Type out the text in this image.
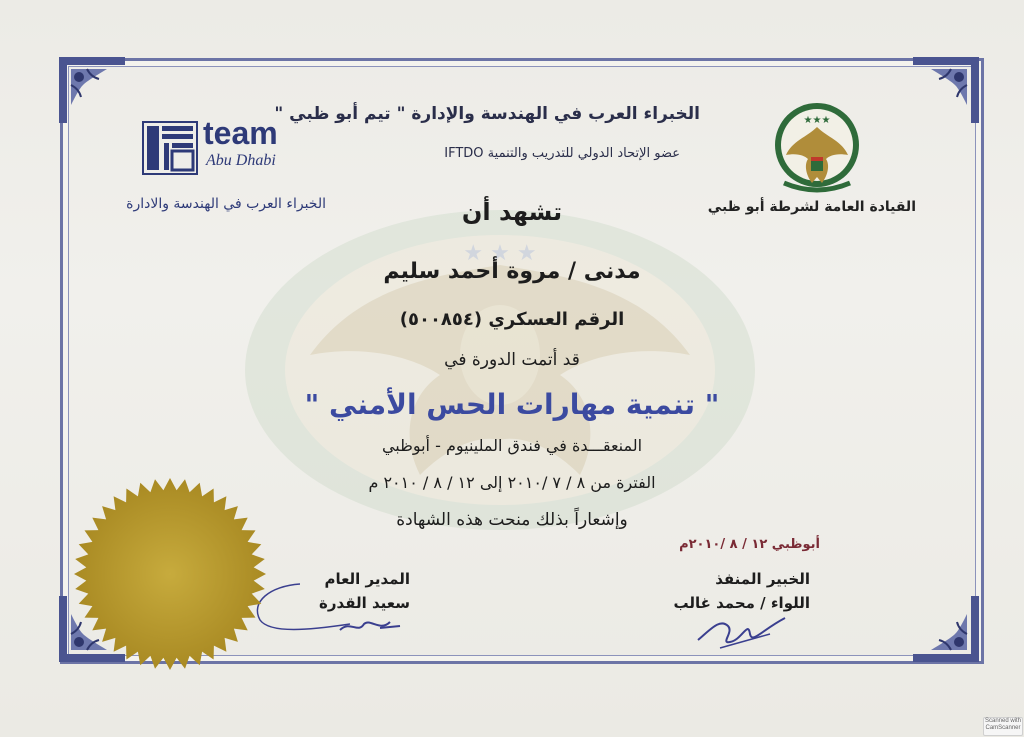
★ ★ ★
الخبراء العرب في الهندسة والإدارة " تيم أبو ظبي "
عضو الإتحاد الدولي للتدريب والتنمية IFTDO
team
Abu Dhabi
الخبراء العرب في الهندسة والادارة
★★★
القيادة العامة لشرطة أبو ظبي
تشهد أن
مدنى / مروة أحمد سليم
الرقم العسكري (٥٠٠٨٥٤)
قد أتمت الدورة في
" تنمية مهارات الحس الأمني "
المنعقـــدة في فندق الملينيوم - أبوظبي
الفترة من ٨ / ٧ /٢٠١٠ إلى ١٢ / ٨ / ٢٠١٠ م
وإشعاراً بذلك منحت هذه الشهادة
أبوظبي ١٢ / ٨ /٢٠١٠م
الخبير المنفذ
اللواء / محمد غالب
المدير العام
سعيد القدرة
Scanned with
CamScanner
